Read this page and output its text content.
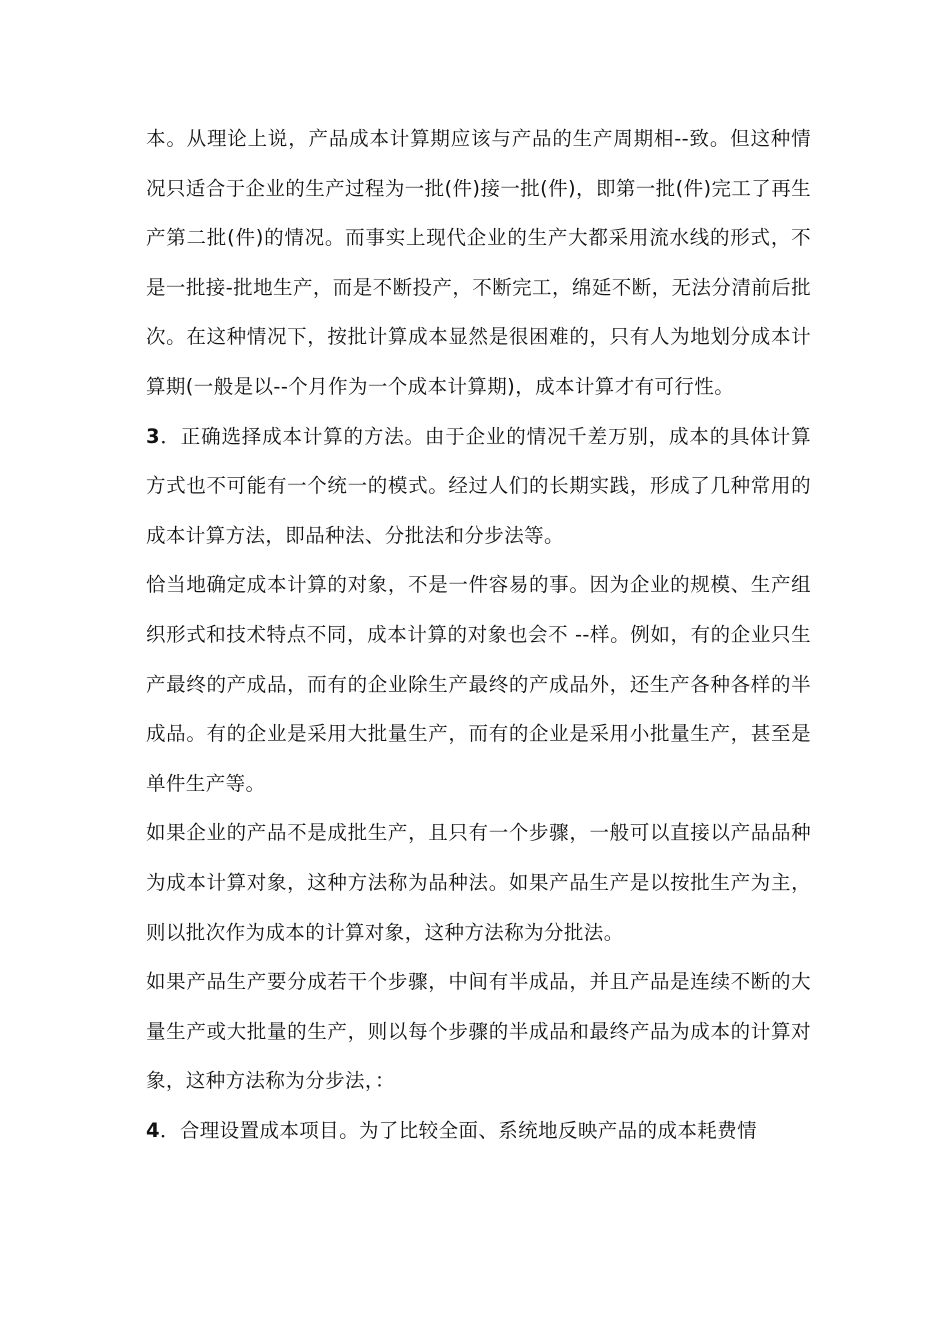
本。从理论上说，产品成本计算期应该与产品的生产周期相--致。但这种情况只适合于企业的生产过程为一批(件)接一批(件)，即第一批(件)完工了再生产第二批(件)的情况。而事实上现代企业的生产大都采用流水线的形式，不是一批接-批地生产，而是不断投产，不断完工，绵延不断，无法分清前后批次。在这种情况下，按批计算成本显然是很困难的，只有人为地划分成本计算期(一般是以--个月作为一个成本计算期)，成本计算才有可行性。

3．正确选择成本计算的方法。由于企业的情况千差万别，成本的具体计算方式也不可能有一个统一的模式。经过人们的长期实践，形成了几种常用的成本计算方法，即品种法、分批法和分步法等。

恰当地确定成本计算的对象，不是一件容易的事。因为企业的规模、生产组织形式和技术特点不同，成本计算的对象也会不 --样。例如，有的企业只生产最终的产成品，而有的企业除生产最终的产成品外，还生产各种各样的半成品。有的企业是采用大批量生产，而有的企业是采用小批量生产，甚至是单件生产等。

如果企业的产品不是成批生产，且只有一个步骤，一般可以直接以产品品种为成本计算对象，这种方法称为品种法。如果产品生产是以按批生产为主，则以批次作为成本的计算对象，这种方法称为分批法。

如果产品生产要分成若干个步骤，中间有半成品，并且产品是连续不断的大量生产或大批量的生产，则以每个步骤的半成品和最终产品为成本的计算对象，这种方法称为分步法，：

4．合理设置成本项目。为了比较全面、系统地反映产品的成本耗费情
